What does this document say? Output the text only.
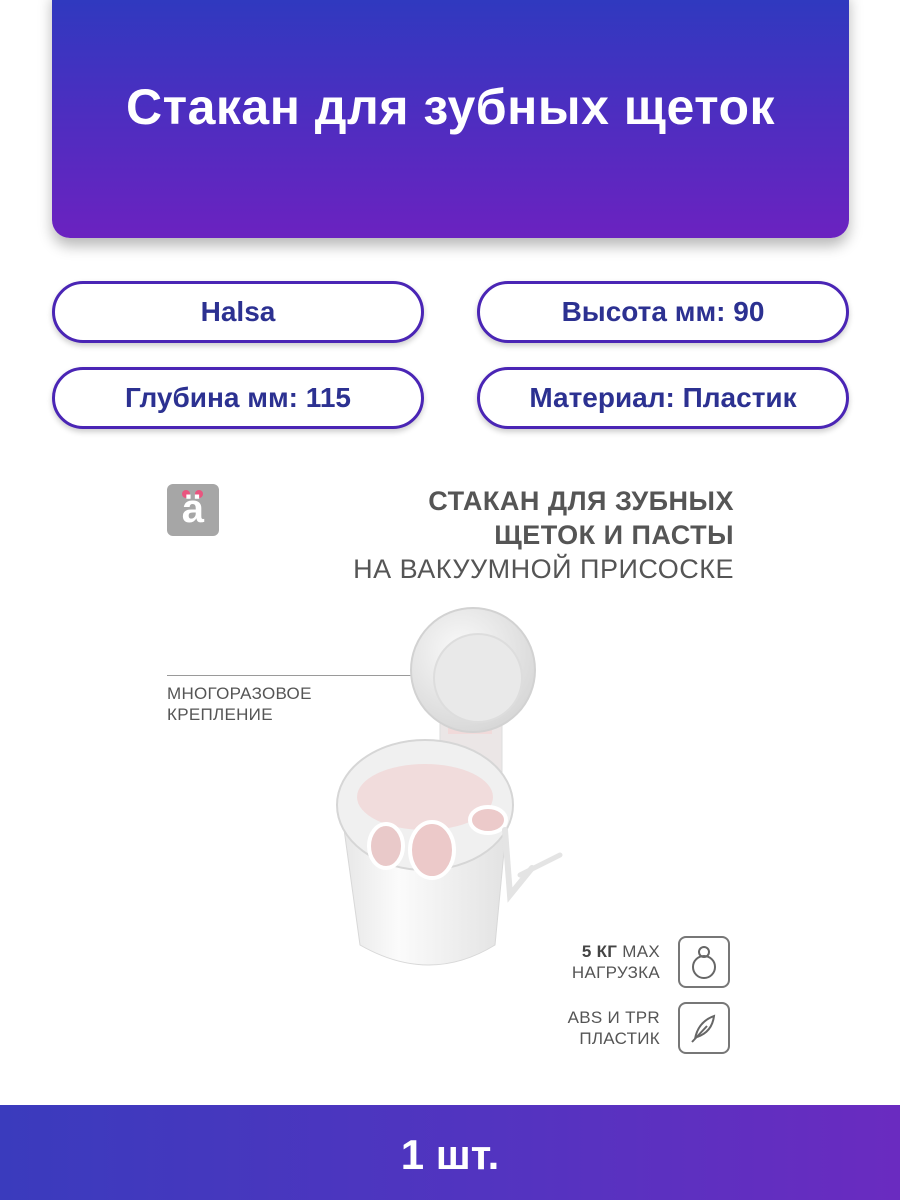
Стакан для зубных щеток
Halsa	Высота мм: 90
Глубина мм: 115	Материал: Пластик
ä	СТАКАН ДЛЯ ЗУБНЫХ
ЩЕТОК И ПАСТЫ
НА ВАКУУМНОЙ ПРИСОСКЕ
МНОГОРАЗОВОЕ
КРЕПЛЕНИЕ
5 КГ MAX
НАГРУЗКА
ABS И TPR
ПЛАСТИК
1 шт.
